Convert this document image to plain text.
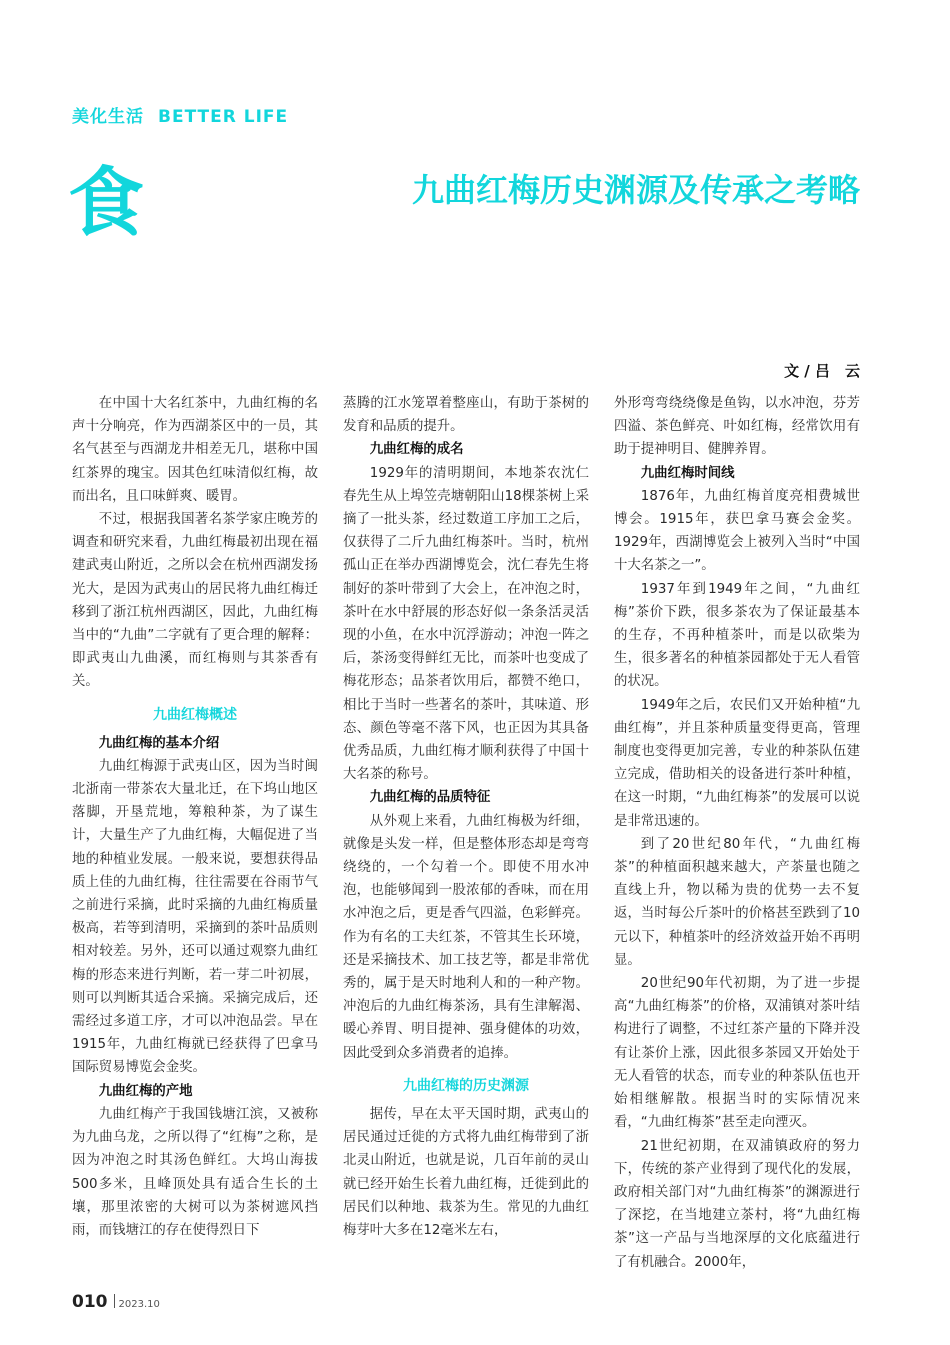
美化生活 BETTER LIFE
食	九曲红梅历史渊源及传承之考略
文 / 吕　云

在中国十大名红茶中，九曲红梅的名声十分响亮，作为西湖茶区中的一员，其名气甚至与西湖龙井相差无几，堪称中国红茶界的瑰宝。因其色红味清似红梅，故而出名，且口味鲜爽、暖胃。

不过，根据我国著名茶学家庄晚芳的调查和研究来看，九曲红梅最初出现在福建武夷山附近，之所以会在杭州西湖发扬光大，是因为武夷山的居民将九曲红梅迁移到了浙江杭州西湖区，因此，九曲红梅当中的“九曲”二字就有了更合理的解释：即武夷山九曲溪，而红梅则与其茶香有关。

九曲红梅概述

九曲红梅的基本介绍

九曲红梅源于武夷山区，因为当时闽北浙南一带茶农大量北迁，在下坞山地区落脚，开垦荒地，筹粮种茶，为了谋生计，大量生产了九曲红梅，大幅促进了当地的种植业发展。一般来说，要想获得品质上佳的九曲红梅，往往需要在谷雨节气之前进行采摘，此时采摘的九曲红梅质量极高，若等到清明，采摘到的茶叶品质则相对较差。另外，还可以通过观察九曲红梅的形态来进行判断，若一芽二叶初展，则可以判断其适合采摘。采摘完成后，还需经过多道工序，才可以冲泡品尝。早在1915年，九曲红梅就已经获得了巴拿马国际贸易博览会金奖。

九曲红梅的产地

九曲红梅产于我国钱塘江滨，又被称为九曲乌龙，之所以得了“红梅”之称，是因为冲泡之时其汤色鲜红。大坞山海拔500多米，且峰顶处具有适合生长的土壤，那里浓密的大树可以为茶树遮风挡雨，而钱塘江的存在使得烈日下

蒸腾的江水笼罩着整座山，有助于茶树的发育和品质的提升。

九曲红梅的成名

1929年的清明期间，本地茶农沈仁春先生从上埠笠壳塘朝阳山18棵茶树上采摘了一批头茶，经过数道工序加工之后，仅获得了二斤九曲红梅茶叶。当时，杭州孤山正在举办西湖博览会，沈仁春先生将制好的茶叶带到了大会上，在冲泡之时，茶叶在水中舒展的形态好似一条条活灵活现的小鱼，在水中沉浮游动；冲泡一阵之后，茶汤变得鲜红无比，而茶叶也变成了梅花形态；品茶者饮用后，都赞不绝口，相比于当时一些著名的茶叶，其味道、形态、颜色等毫不落下风，也正因为其具备优秀品质，九曲红梅才顺利获得了中国十大名茶的称号。

九曲红梅的品质特征

从外观上来看，九曲红梅极为纤细，就像是头发一样，但是整体形态却是弯弯绕绕的，一个勾着一个。即使不用水冲泡，也能够闻到一股浓郁的香味，而在用水冲泡之后，更是香气四溢，色彩鲜亮。作为有名的工夫红茶，不管其生长环境，还是采摘技术、加工技艺等，都是非常优秀的，属于是天时地利人和的一种产物。冲泡后的九曲红梅茶汤，具有生津解渴、暖心养胃、明目提神、强身健体的功效，因此受到众多消费者的追捧。

九曲红梅的历史渊源

据传，早在太平天国时期，武夷山的居民通过迁徙的方式将九曲红梅带到了浙北灵山附近，也就是说，几百年前的灵山就已经开始生长着九曲红梅，迁徙到此的居民们以种地、栽茶为生。常见的九曲红梅芽叶大多在12毫米左右，

外形弯弯绕绕像是鱼钩，以水冲泡，芬芳四溢、茶色鲜亮、叶如红梅，经常饮用有助于提神明目、健脾养胃。

九曲红梅时间线

1876年，九曲红梅首度亮相费城世博会。1915年，获巴拿马赛会金奖。1929年，西湖博览会上被列入当时“中国十大名茶之一”。

1937年到1949年之间，“九曲红梅”茶价下跌，很多茶农为了保证最基本的生存，不再种植茶叶，而是以砍柴为生，很多著名的种植茶园都处于无人看管的状况。

1949年之后，农民们又开始种植“九曲红梅”，并且茶种质量变得更高，管理制度也变得更加完善，专业的种茶队伍建立完成，借助相关的设备进行茶叶种植，在这一时期，“九曲红梅茶”的发展可以说是非常迅速的。

到了20世纪80年代，“九曲红梅茶”的种植面积越来越大，产茶量也随之直线上升，物以稀为贵的优势一去不复返，当时每公斤茶叶的价格甚至跌到了10元以下，种植茶叶的经济效益开始不再明显。

20世纪90年代初期，为了进一步提高“九曲红梅茶”的价格，双浦镇对茶叶结构进行了调整，不过红茶产量的下降并没有让茶价上涨，因此很多茶园又开始处于无人看管的状态，而专业的种茶队伍也开始相继解散。根据当时的实际情况来看，“九曲红梅茶”甚至走向湮灭。

21世纪初期，在双浦镇政府的努力下，传统的茶产业得到了现代化的发展，政府相关部门对“九曲红梅茶”的渊源进行了深挖，在当地建立茶村，将“九曲红梅茶”这一产品与当地深厚的文化底蕴进行了有机融合。2000年，

010 2023.10
